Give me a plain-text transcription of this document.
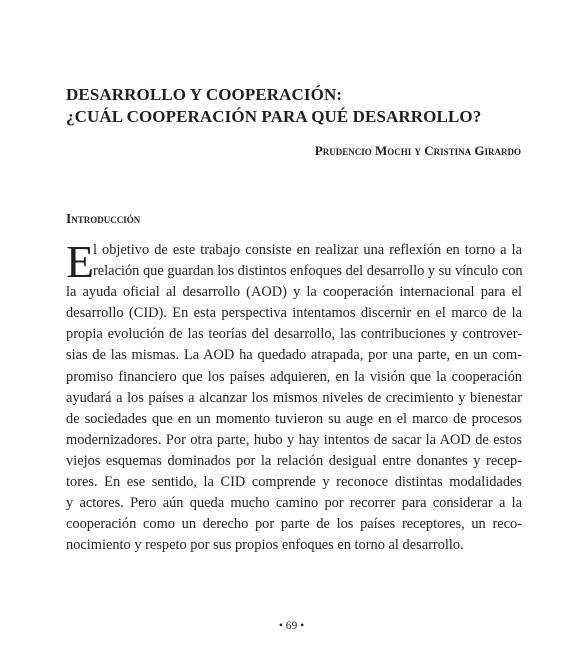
DESARROLLO Y COOPERACIÓN:
¿CUÁL COOPERACIÓN PARA QUÉ DESARROLLO?
Prudencio Mochi y Cristina Girardo
Introducción
E
l objetivo de este trabajo consiste en realizar una reflexión en torno a la
relación que guardan los distintos enfoques del desarrollo y su vínculo con
la ayuda oficial al desarrollo (AOD) y la cooperación internacional para el
desarrollo (CID). En esta perspectiva intentamos discernir en el marco de la
propia evolución de las teorías del desarrollo, las contribuciones y controver-
sias de las mismas. La AOD ha quedado atrapada, por una parte, en un com-
promiso financiero que los países adquieren, en la visión que la cooperación
ayudará a los países a alcanzar los mismos niveles de crecimiento y bienestar
de sociedades que en un momento tuvieron su auge en el marco de procesos
modernizadores. Por otra parte, hubo y hay intentos de sacar la AOD de estos
viejos esquemas dominados por la relación desigual entre donantes y recep-
tores. En ese sentido, la CID comprende y reconoce distintas modalidades
y actores. Pero aún queda mucho camino por recorrer para considerar a la
cooperación como un derecho por parte de los países receptores, un reco-
nocimiento y respeto por sus propios enfoques en torno al desarrollo.
• 69 •
